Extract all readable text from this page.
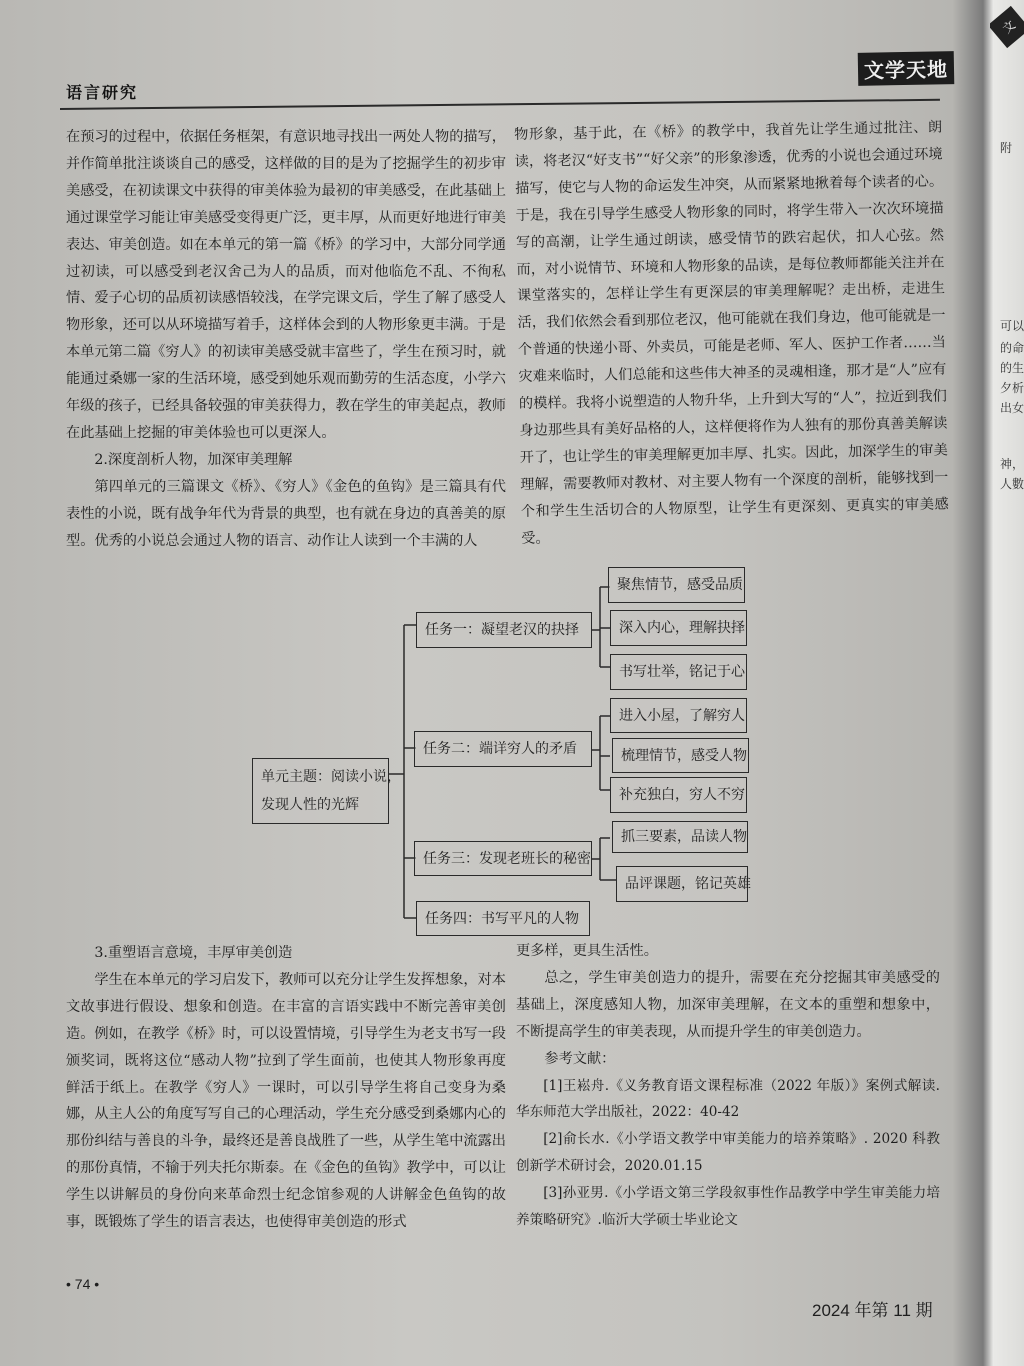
语言研究
文学天地

在预习的过程中，依据任务框架，有意识地寻找出一两处人物的描写，并作简单批注谈谈自己的感受，这样做的目的是为了挖掘学生的初步审美感受，在初读课文中获得的审美体验为最初的审美感受，在此基础上通过课堂学习能让审美感受变得更广泛，更丰厚，从而更好地进行审美表达、审美创造。如在本单元的第一篇《桥》的学习中，大部分同学通过初读，可以感受到老汉舍己为人的品质，而对他临危不乱、不徇私情、爱子心切的品质初读感悟较浅，在学完课文后，学生了解了感受人物形象，还可以从环境描写着手，这样体会到的人物形象更丰满。于是本单元第二篇《穷人》的初读审美感受就丰富些了，学生在预习时，就能通过桑娜一家的生活环境，感受到她乐观而勤劳的生活态度，小学六年级的孩子，已经具备较强的审美获得力，教在学生的审美起点，教师在此基础上挖掘的审美体验也可以更深人。

2.深度剖析人物，加深审美理解

第四单元的三篇课文《桥》、《穷人》《金色的鱼钩》是三篇具有代表性的小说，既有战争年代为背景的典型，也有就在身边的真善美的原型。优秀的小说总会通过人物的语言、动作让人读到一个丰满的人

物形象，基于此，在《桥》的教学中，我首先让学生通过批注、朗读，将老汉“好支书”“好父亲”的形象渗透，优秀的小说也会通过环境描写，使它与人物的命运发生冲突，从而紧紧地揪着每个读者的心。于是，我在引导学生感受人物形象的同时，将学生带入一次次环境描写的高潮，让学生通过朗读，感受情节的跌宕起伏，扣人心弦。然而，对小说情节、环境和人物形象的品读，是每位教师都能关注并在课堂落实的，怎样让学生有更深层的审美理解呢？走出桥，走进生活，我们依然会看到那位老汉，他可能就在我们身边，他可能就是一个普通的快递小哥、外卖员，可能是老师、军人、医护工作者……当灾难来临时，人们总能和这些伟大神圣的灵魂相逢，那才是“人”应有的模样。我将小说塑造的人物升华，上升到大写的“人”，拉近到我们身边那些具有美好品格的人，这样便将作为人独有的那份真善美解读开了，也让学生的审美理解更加丰厚、扎实。因此，加深学生的审美理解，需要教师对教材、对主要人物有一个深度的剖析，能够找到一个和学生生活切合的人物原型，让学生有更深刻、更真实的审美感受。

3.重塑语言意境，丰厚审美创造

学生在本单元的学习启发下，教师可以充分让学生发挥想象，对本文故事进行假设、想象和创造。在丰富的言语实践中不断完善审美创造。例如，在教学《桥》时，可以设置情境，引导学生为老支书写一段颁奖词，既将这位“感动人物”拉到了学生面前，也使其人物形象再度鲜活于纸上。在教学《穷人》一课时，可以引导学生将自己变身为桑娜，从主人公的角度写写自己的心理活动，学生充分感受到桑娜内心的那份纠结与善良的斗争，最终还是善良战胜了一些，从学生笔中流露出的那份真情，不输于列夫托尔斯泰。在《金色的鱼钩》教学中，可以让学生以讲解员的身份向来革命烈士纪念馆参观的人讲解金色鱼钩的故事，既锻炼了学生的语言表达，也使得审美创造的形式

更多样，更具生活性。

总之，学生审美创造力的提升，需要在充分挖掘其审美感受的基础上，深度感知人物，加深审美理解，在文本的重塑和想象中，不断提高学生的审美表现，从而提升学生的审美创造力。

参考文献：

[1]王崧舟.《义务教育语文课程标准（2022 年版）》案例式解读.华东师范大学出版社，2022：40-42

[2]俞长水.《小学语文教学中审美能力的培养策略》. 2020 科教创新学术研讨会，2020.01.15

[3]孙亚男.《小学语文第三学段叙事性作品教学中学生审美能力培养策略研究》.临沂大学硕士毕业论文

• 74 •
2024 年第 11 期
单元主题：阅读小说，
发现人性的光辉
任务一：凝望老汉的抉择
任务二：端详穷人的矛盾
任务三：发现老班长的秘密
任务四：书写平凡的人物
聚焦情节，感受品质
深入内心，理解抉择
书写壮举，铭记于心
进入小屋，了解穷人
梳理情节，感受人物
补充独白，穷人不穷
抓三要素，品读人物
品评课题，铭记英雄
文
附
可以
的命
的生
夕析
出女
神，
人數
